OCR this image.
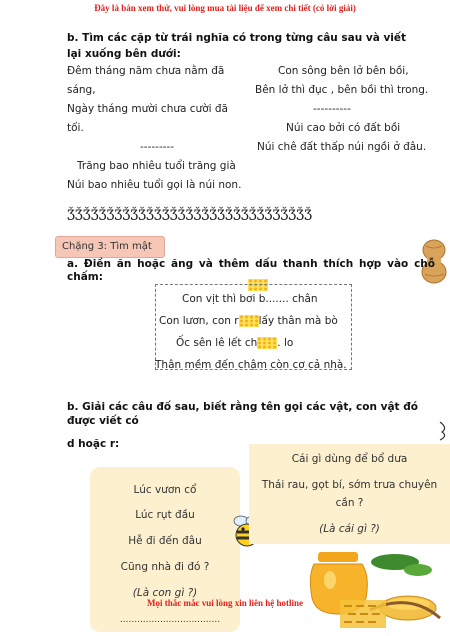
Đây là bản xem thử, vui lòng mua tài liệu để xem chi tiết (có lời giải)
b. Tìm các cặp từ trái nghĩa có trong từng câu sau và viết lại xuống bên dưới:
Đêm tháng năm chưa nằm đã
sáng,
Ngày tháng mười chưa cười đã
tối.
---------
Trăng bao nhiêu tuổi trăng già
Núi bao nhiêu tuổi gọi là núi non.
Con sông bên lở bên bồi,
Bên lở thì đục , bên bồi thì trong.
----------
Núi cao bởi có đất bồi
Núi chê đất thấp núi ngồi ở đâu.
ǮǮǮǮǮǮǮǮǮǮǮǮǮǮǮǮǮǮǮǮǮǮǮǮǮǮǮǮǮǮǮ
Chặng 3: Tìm mật
a. Điền ăn hoặc ăng và thêm dấu thanh thích hợp vào chỗ chấm:
Con vịt thì bơi b....... chân
Con lươn, con r lấy thân mà bò
Ốc sên lê lết ch . lo
Thân mềm đến chậm còn cơ cả nhà.
b. Giải các câu đố sau, biết rằng tên gọi các vật, con vật đó được viết có
d hoặc r:
Lúc vươn cổ
Lúc rụt đầu
Hễ đi đến đâu
Cũng nhà đi đó ?
(Là con gì ?)
...................................
Cái gì dùng để bổ dưa
Thái rau, gọt bí, sớm trưa chuyên
cần ?
(Là cái gì ?)
Mọi thắc mắc vui lòng xin liên hệ hotline
